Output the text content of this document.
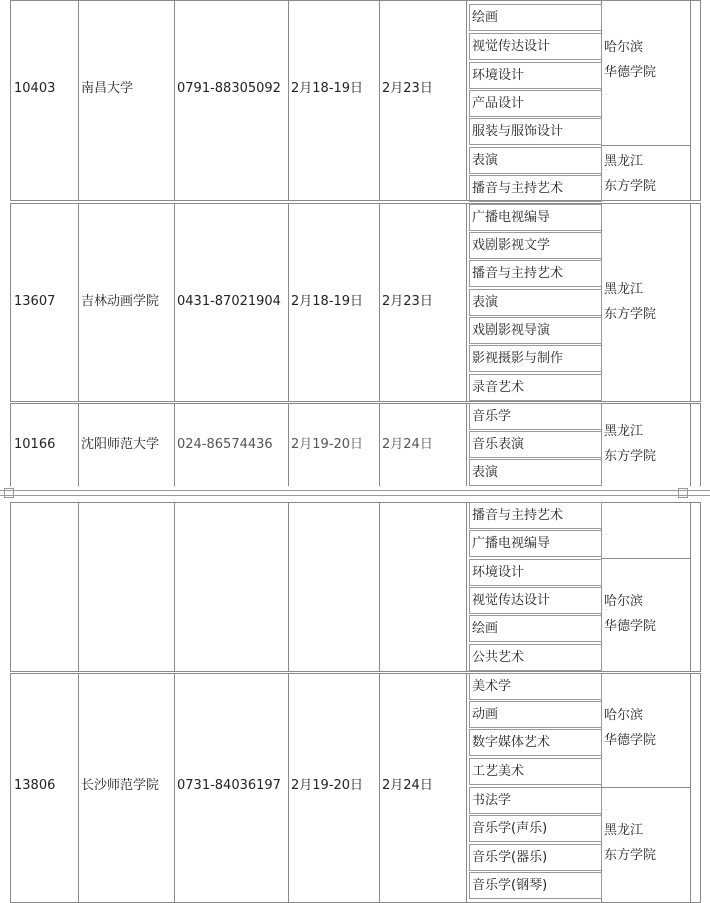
10403 南昌大学	0791-88305092 2月18-19日 2月23日
绘画
视觉传达设计
环境设计
产品设计
服装与服饰设计
表演
播音与主持艺术
哈尔滨
华德学院
黑龙江
东方学院
13607 吉林动画学院 0431-87021904 2月18-19日 2月23日
广播电视编导
戏剧影视文学
播音与主持艺术
表演
戏剧影视导演
影视摄影与制作
录音艺术
黑龙江
东方学院
10166 沈阳师范大学 024-86574436 2月19-20日 2月24日
音乐学
音乐表演
表演
黑龙江
东方学院
播音与主持艺术
广播电视编导
环境设计
视觉传达设计
绘画
公共艺术
哈尔滨
华德学院
13806 长沙师范学院 0731-84036197 2月19-20日 2月24日
美术学
动画
数字媒体艺术
工艺美术
书法学
音乐学(声乐)
音乐学(器乐)
音乐学(钢琴)
哈尔滨
华德学院
黑龙江
东方学院
